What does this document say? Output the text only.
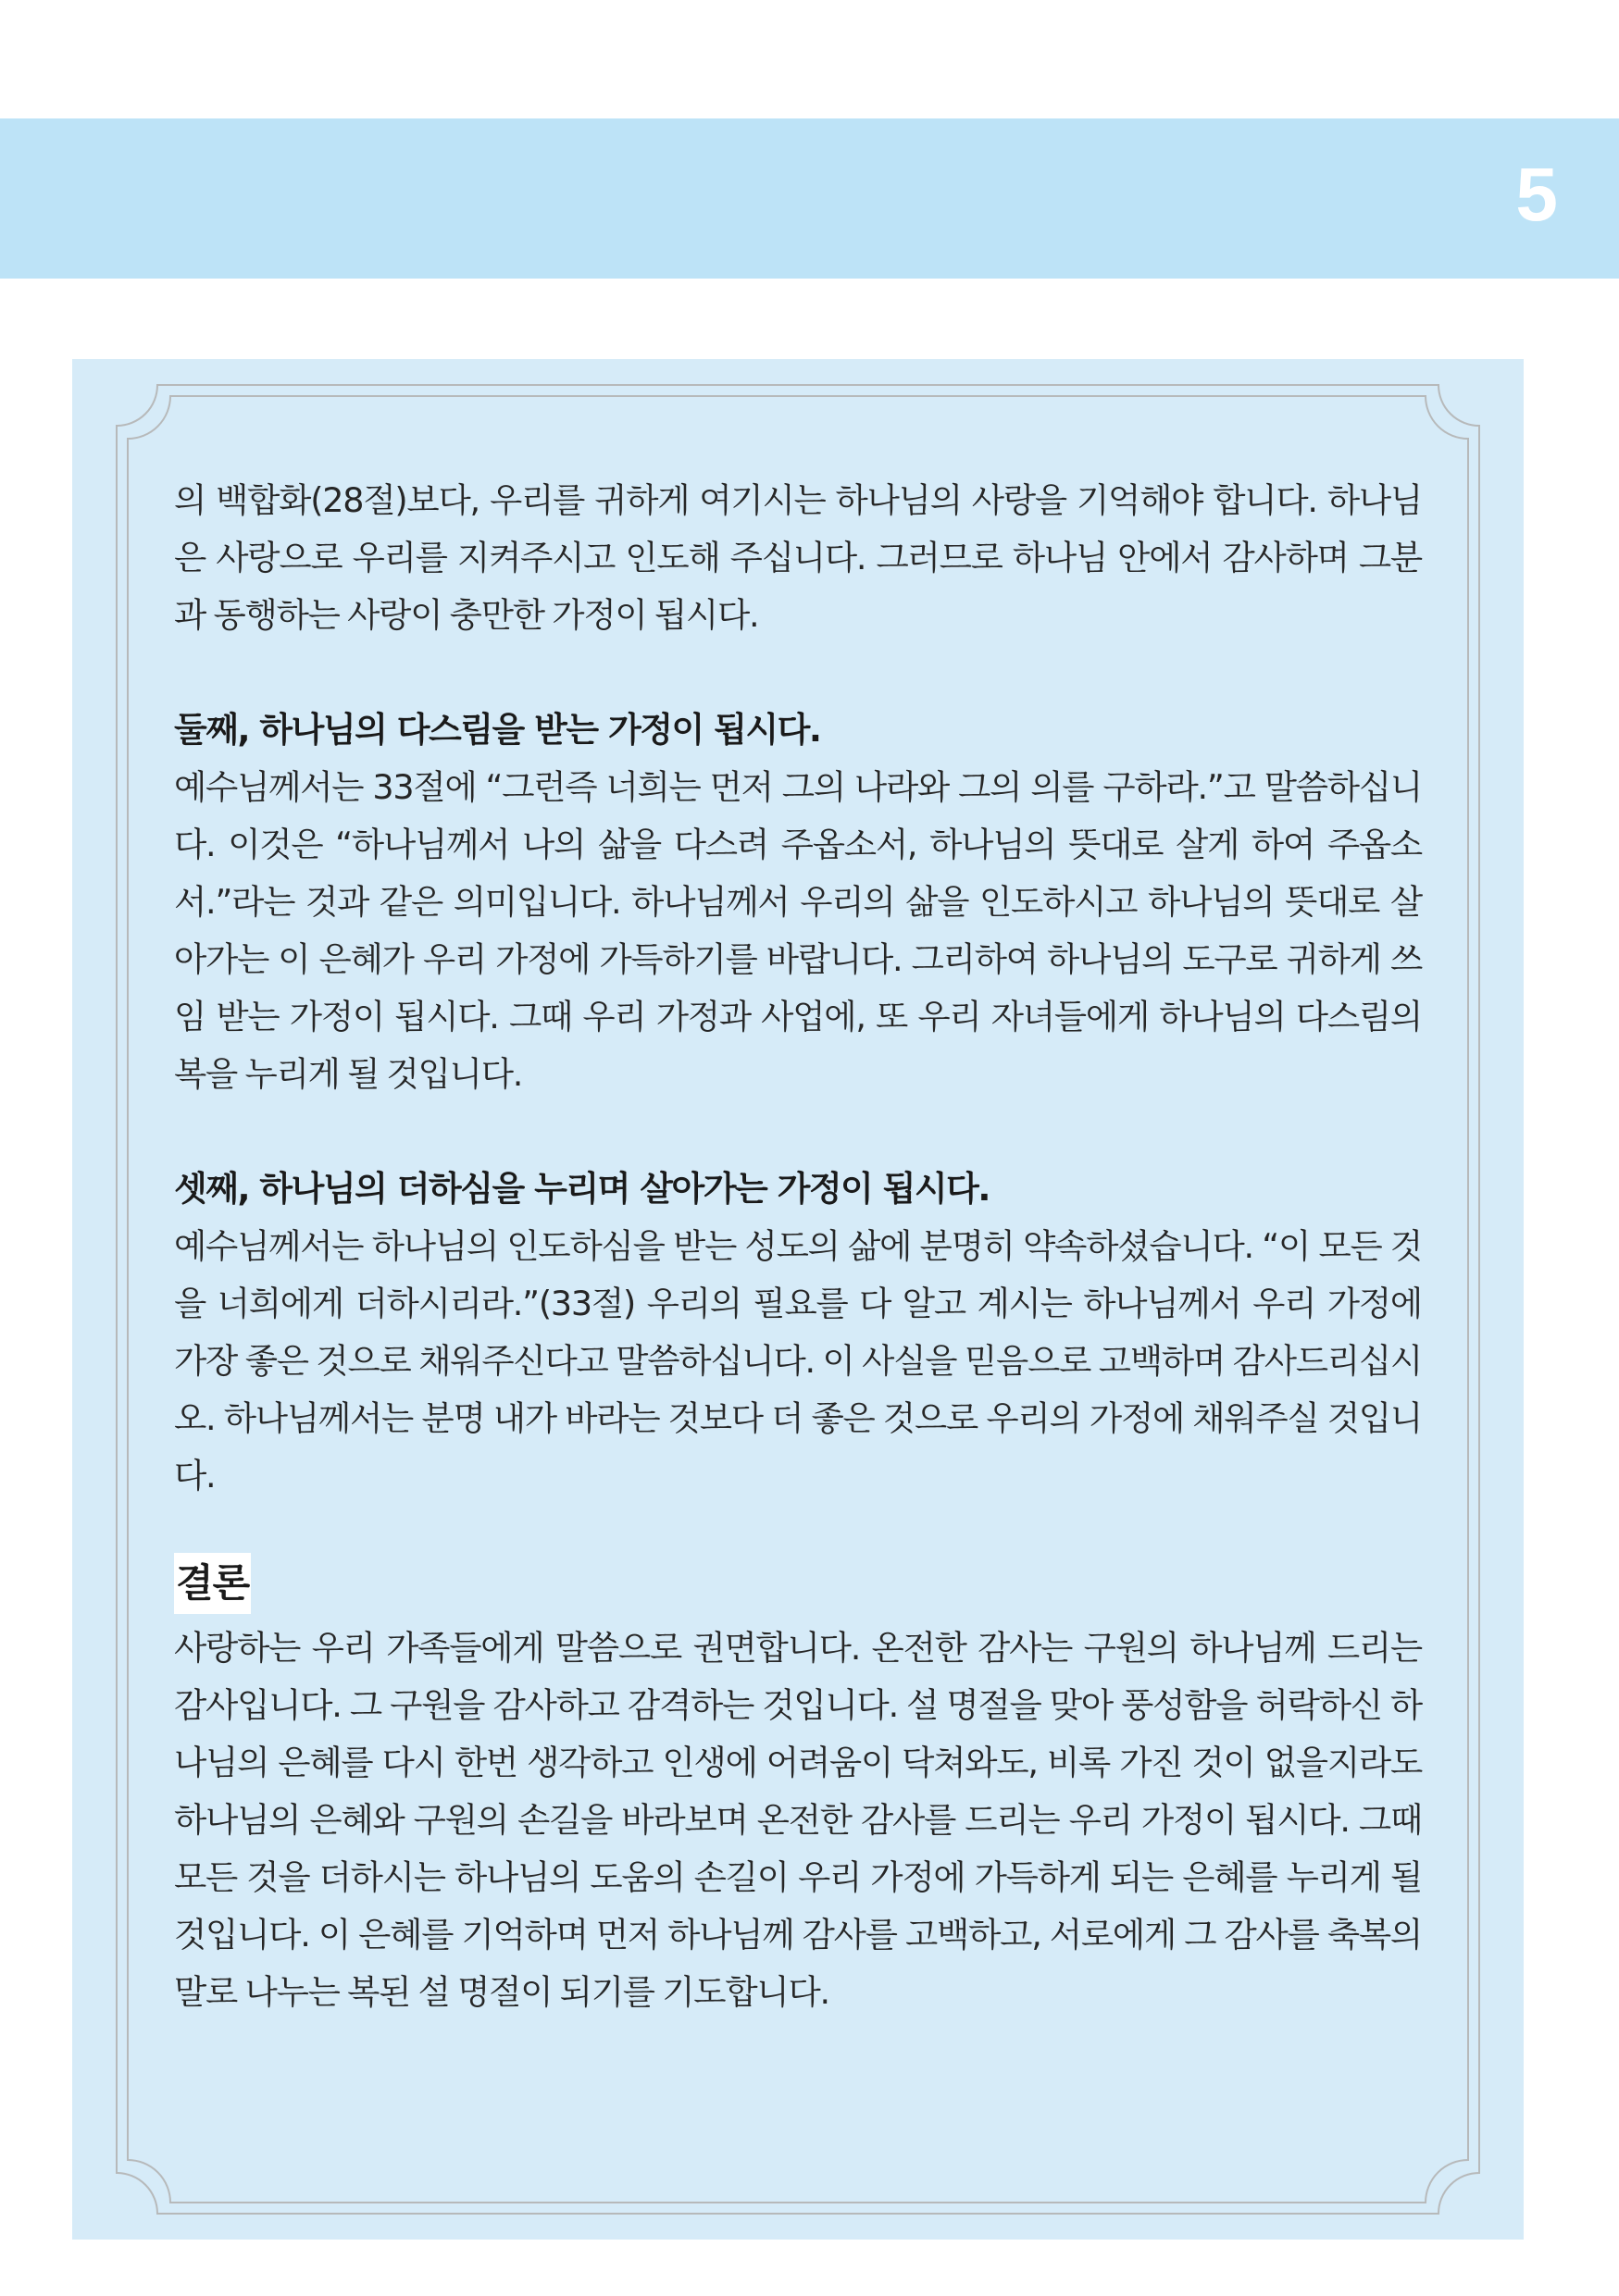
5

의 백합화(28절)보다, 우리를 귀하게 여기시는 하나님의 사랑을 기억해야 합니다. 하나님은 사랑으로 우리를 지켜주시고 인도해 주십니다. 그러므로 하나님 안에서 감사하며 그분과 동행하는 사랑이 충만한 가정이 됩시다.

둘째, 하나님의 다스림을 받는 가정이 됩시다.

예수님께서는 33절에 “그런즉 너희는 먼저 그의 나라와 그의 의를 구하라.”고 말씀하십니다. 이것은 “하나님께서 나의 삶을 다스려 주옵소서, 하나님의 뜻대로 살게 하여 주옵소서.”라는 것과 같은 의미입니다. 하나님께서 우리의 삶을 인도하시고 하나님의 뜻대로 살아가는 이 은혜가 우리 가정에 가득하기를 바랍니다. 그리하여 하나님의 도구로 귀하게 쓰임 받는 가정이 됩시다. 그때 우리 가정과 사업에, 또 우리 자녀들에게 하나님의 다스림의 복을 누리게 될 것입니다.

셋째, 하나님의 더하심을 누리며 살아가는 가정이 됩시다.

예수님께서는 하나님의 인도하심을 받는 성도의 삶에 분명히 약속하셨습니다. “이 모든 것을 너희에게 더하시리라.”(33절) 우리의 필요를 다 알고 계시는 하나님께서 우리 가정에 가장 좋은 것으로 채워주신다고 말씀하십니다. 이 사실을 믿음으로 고백하며 감사드리십시오. 하나님께서는 분명 내가 바라는 것보다 더 좋은 것으로 우리의 가정에 채워주실 것입니다.

결론

사랑하는 우리 가족들에게 말씀으로 권면합니다. 온전한 감사는 구원의 하나님께 드리는 감사입니다. 그 구원을 감사하고 감격하는 것입니다. 설 명절을 맞아 풍성함을 허락하신 하나님의 은혜를 다시 한번 생각하고 인생에 어려움이 닥쳐와도, 비록 가진 것이 없을지라도 하나님의 은혜와 구원의 손길을 바라보며 온전한 감사를 드리는 우리 가정이 됩시다. 그때 모든 것을 더하시는 하나님의 도움의 손길이 우리 가정에 가득하게 되는 은혜를 누리게 될 것입니다. 이 은혜를 기억하며 먼저 하나님께 감사를 고백하고, 서로에게 그 감사를 축복의 말로 나누는 복된 설 명절이 되기를 기도합니다.
